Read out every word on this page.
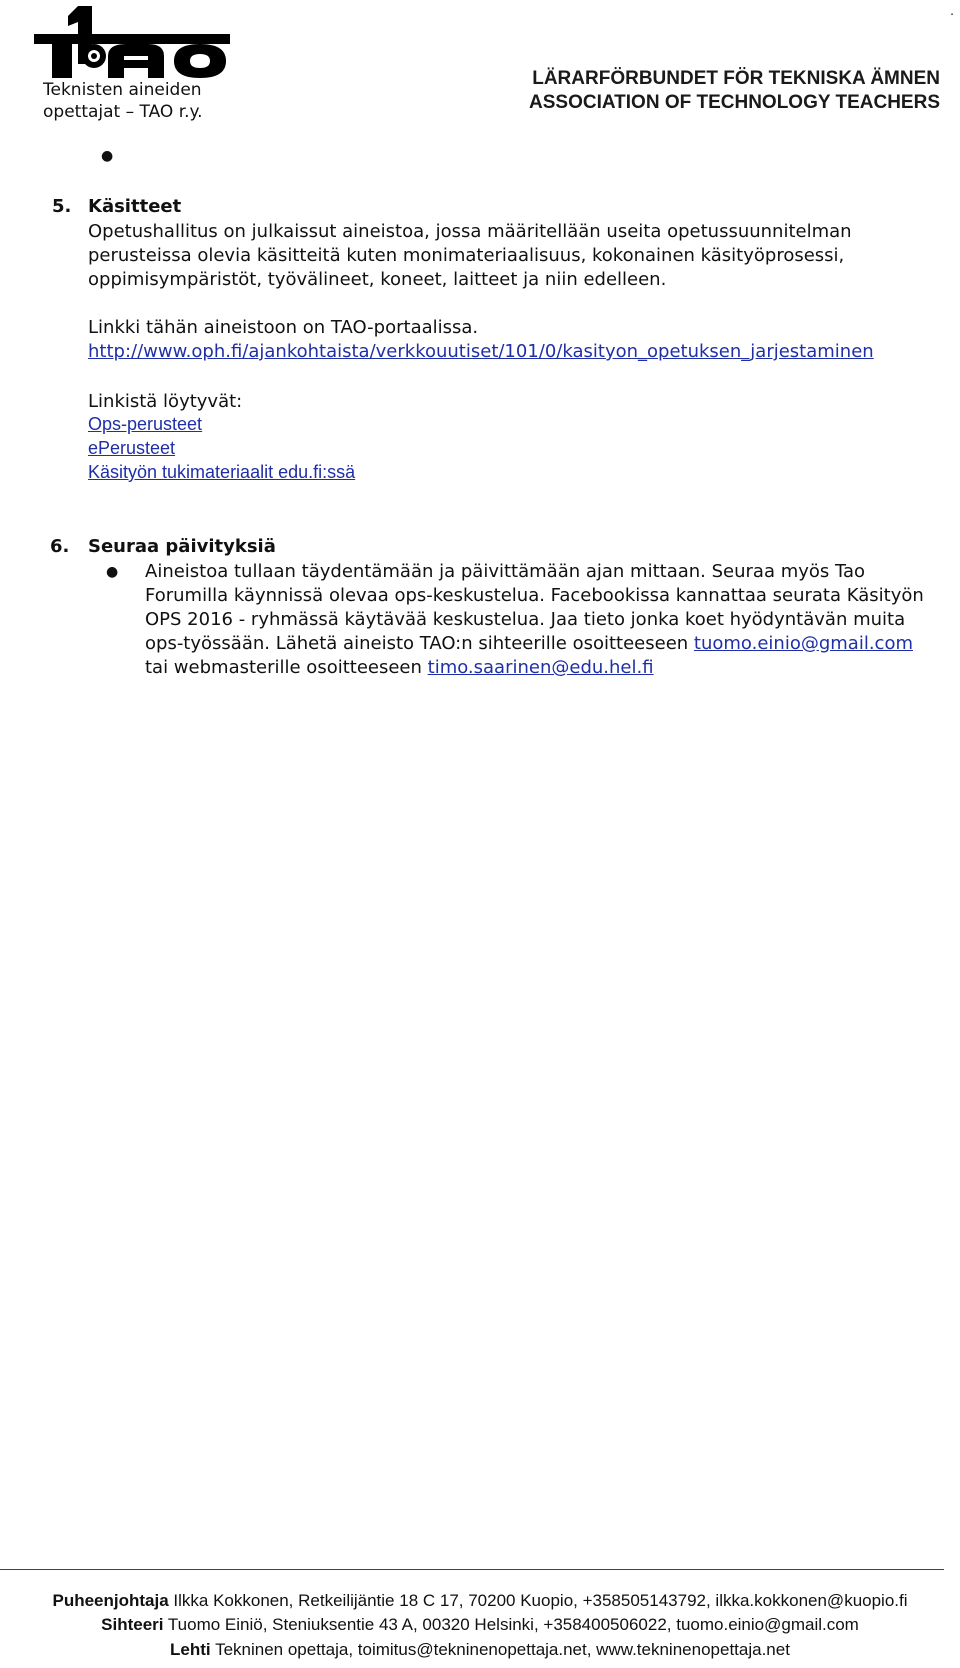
Teknisten aineiden
opettajat – TAO r.y.
.
LÄRARFÖRBUNDET FÖR TEKNISKA ÄMNEN
ASSOCIATION OF TECHNOLOGY TEACHERS
●
5. Käsitteet
Opetushallitus on julkaissut aineistoa, jossa määritellään useita opetussuunnitelman
perusteissa olevia käsitteitä kuten monimateriaalisuus, kokonainen käsityöprosessi,
oppimisympäristöt, työvälineet, koneet, laitteet ja niin edelleen.
Linkki tähän aineistoon on TAO-portaalissa.
http://www.oph.fi/ajankohtaista/verkkouutiset/101/0/kasityon_opetuksen_jarjestaminen
Linkistä löytyvät:
Ops-perusteet
ePerusteet
Käsityön tukimateriaalit edu.fi:ssä
6. Seuraa päivityksiä
● Aineistoa tullaan täydentämään ja päivittämään ajan mittaan. Seuraa myös Tao
Forumilla käynnissä olevaa ops-keskustelua. Facebookissa kannattaa seurata Käsityön
OPS 2016 - ryhmässä käytävää keskustelua. Jaa tieto jonka koet hyödyntävän muita
ops-työssään. Lähetä aineisto TAO:n sihteerille osoitteeseen tuomo.einio@gmail.com
tai webmasterille osoitteeseen timo.saarinen@edu.hel.fi
Puheenjohtaja Ilkka Kokkonen, Retkeilijäntie 18 C 17, 70200 Kuopio, +358505143792, ilkka.kokkonen@kuopio.fi
Sihteeri Tuomo Einiö, Steniuksentie 43 A, 00320 Helsinki, +358400506022, tuomo.einio@gmail.com
Lehti Tekninen opettaja, toimitus@tekninenopettaja.net, www.tekninenopettaja.net
